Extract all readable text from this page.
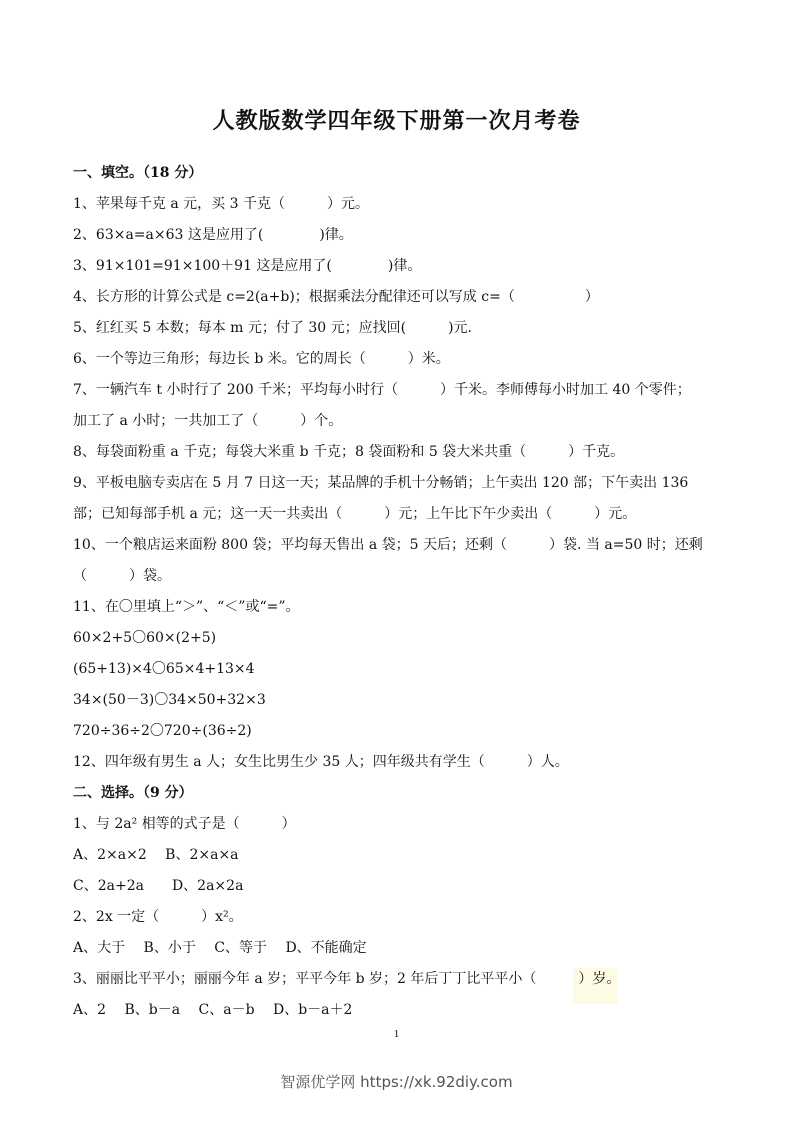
人教版数学四年级下册第一次月考卷
一、填空。（18 分）
1、苹果每千克 a 元，买 3 千克（　　　）元。
2、63×a=a×63 这是应用了(　　　　)律。
3、91×101=91×100＋91 这是应用了(　　　　)律。
4、长方形的计算公式是 c=2(a+b)；根据乘法分配律还可以写成 c=（　　　　　）
5、红红买 5 本数；每本 m 元；付了 30 元；应找回(　　　)元.
6、一个等边三角形；每边长 b 米。它的周长（　　　）米。
7、一辆汽车 t 小时行了 200 千米；平均每小时行（　　　）千米。李师傅每小时加工 40 个零件；
加工了 a 小时；一共加工了（　　　）个。
8、每袋面粉重 a 千克；每袋大米重 b 千克；8 袋面粉和 5 袋大米共重（　　　）千克。
9、平板电脑专卖店在 5 月 7 日这一天；某品牌的手机十分畅销；上午卖出 120 部；下午卖出 136
部；已知每部手机 a 元；这一天一共卖出（　　　）元；上午比下午少卖出（　　　）元。
10、一个粮店运来面粉 800 袋；平均每天售出 a 袋；5 天后；还剩（　　　）袋. 当 a=50 时；还剩
（　　　）袋。
11、在〇里填上“＞”、“＜”或“=”。
60×2+5〇60×(2+5)
(65+13)×4〇65×4+13×4
34×(50－3)〇34×50+32×3
720÷36÷2〇720÷(36÷2)
12、四年级有男生 a 人；女生比男生少 35 人；四年级共有学生（　　　）人。
二、选择。（9 分）
1、与 2a² 相等的式子是（　　　）
A、2×a×2　 B、2×a×a
C、2a+2a　　D、2a×2a
2、2x 一定（　　　）x²。
A、大于　 B、小于　 C、等于　 D、不能确定
3、丽丽比平平小；丽丽今年 a 岁；平平今年 b 岁；2 年后丁丁比平平小（　　　）岁。
A、2　 B、b－a　 C、a－b　 D、b－a＋2
1
智源优学网 https://xk.92diy.com
